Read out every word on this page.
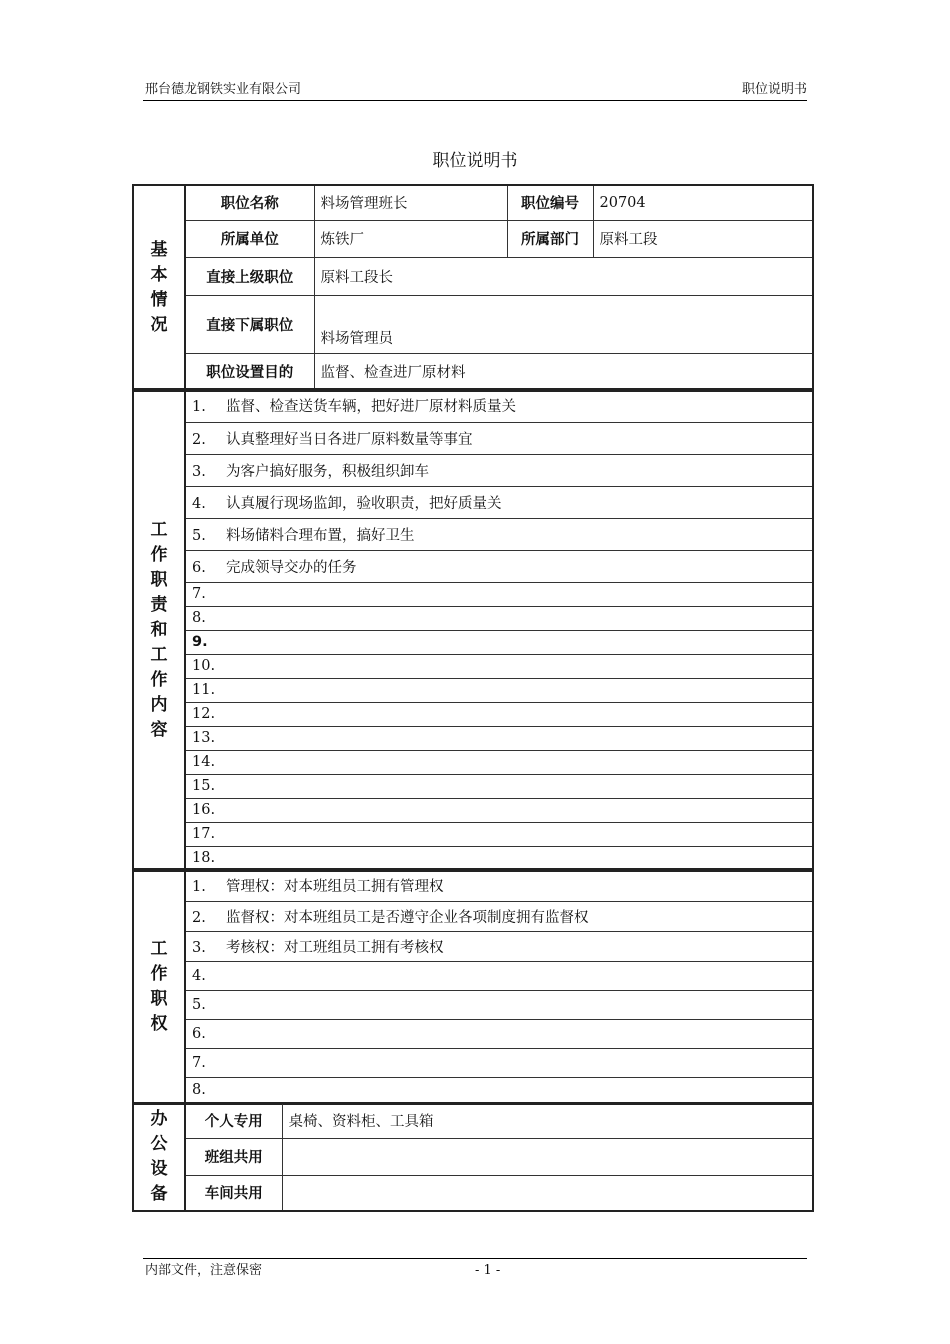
邢台德龙钢铁实业有限公司	职位说明书
职位说明书
基
本
情
况	职位名称	料场管理班长	职位编号	20704
	所属单位	炼铁厂	所属部门	原料工段
	直接上级职位	原料工段长		
	直接下属职位	料场管理员		
	职位设置目的	监督、检查进厂原材料		
工
作
职
责
和
工
作
内
容
	1. 监督、检查送货车辆，把好进厂原材料质量关
2. 认真整理好当日各进厂原料数量等事宜
3. 为客户搞好服务，积极组织卸车
4. 认真履行现场监卸，验收职责，把好质量关
5. 料场储料合理布置，搞好卫生
6. 完成领导交办的任务
7.
8.
9.
10.
11.
12.
13.
14.
15.
16.
17.
18.
工
作
职
权
	1. 管理权：对本班组员工拥有管理权
2. 监督权：对本班组员工是否遵守企业各项制度拥有监督权
3. 考核权：对工班组员工拥有考核权
4.
5.
6.
7.
8.
办
公
设
备	个人专用	桌椅、资料柜、工具箱
	班组共用	
	车间共用	
内部文件，注意保密	- 1 -
